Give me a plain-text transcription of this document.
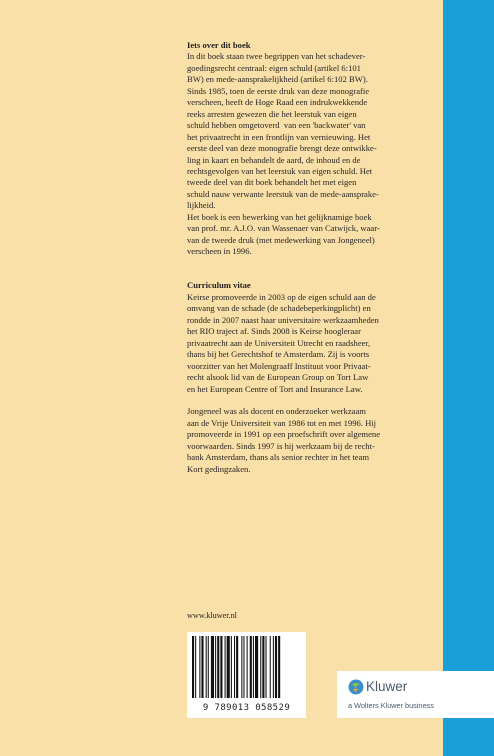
Iets over dit boek

In dit boek staan twee begrippen van het schadever-

goedingsrecht centraal: eigen schuld (artikel 6:101

BW) en mede-aansprakelijkheid (artikel 6:102 BW).

Sinds 1985, toen de eerste druk van deze monografie

verscheen, heeft de Hoge Raad een indrukwekkende

reeks arresten gewezen die het leerstuk van eigen

schuld hebben omgetoverd  van een 'backwater' van

het privaatrecht in een frontlijn van vernieuwing. Het

eerste deel van deze monografie brengt deze ontwikke-

ling in kaart en behandelt de aard, de inhoud en de

rechtsgevolgen van het leerstuk van eigen schuld. Het

tweede deel van dit boek behandelt het met eigen

schuld nauw verwante leerstuk van de mede-aansprake-

lijkheid.

Het boek is een bewerking van het gelijknamige boek

van prof. mr. A.J.O. van Wassenaer van Catwijck, waar-

van de tweede druk (met medewerking van Jongeneel)

verscheen in 1996.

Curriculum vitae

Keirse promoveerde in 2003 op de eigen schuld aan de

omvang van de schade (de schadebeperkingplicht) en

rondde in 2007 naast haar universitaire werkzaamheden

het RIO traject af. Sinds 2008 is Keirse hoogleraar

privaatrecht aan de Universiteit Utrecht en raadsheer,

thans bij het Gerechtshof te Amsterdam. Zij is voorts

voorzitter van het Molengraaff Instituut voor Privaat-

recht alsook lid van de European Group on Tort Law

en het European Centre of Tort and Insurance Law.

Jongeneel was als docent en onderzoeker werkzaam

aan de Vrije Universiteit van 1986 tot en met 1996. Hij

promoveerde in 1991 op een proefschrift over algemene

voorwaarden. Sinds 1997 is hij werkzaam bij de recht-

bank Amsterdam, thans als senior rechter in het team

Kort gedingzaken.

www.kluwer.nl
9 789013 058529
Kluwer
a Wolters Kluwer business
